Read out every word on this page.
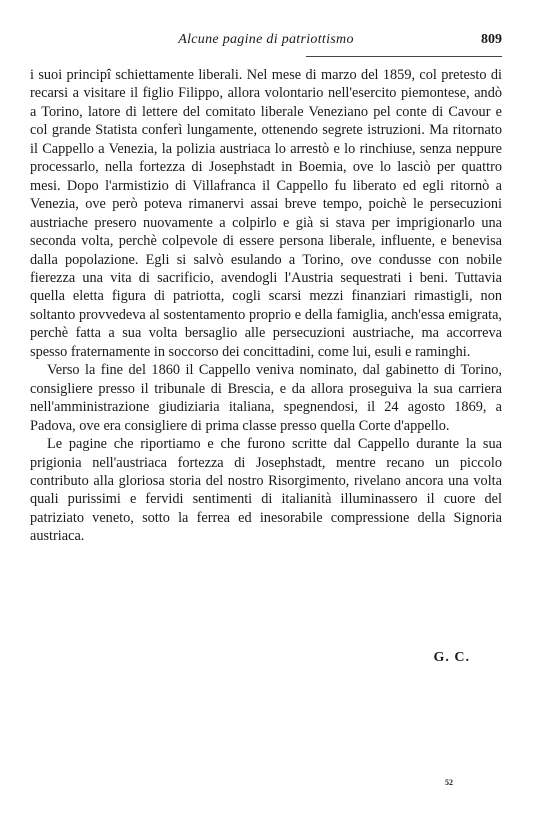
Alcune pagine di patriottismo	809

i suoi principî schiettamente liberali. Nel mese di marzo del 1859, col pretesto di recarsi a visitare il figlio Filippo, allora volontario nell'esercito piemontese, andò a Torino, latore di lettere del comitato liberale Veneziano pel conte di Cavour e col grande Statista conferì lungamente, ottenendo segrete istruzioni. Ma ritornato il Cappello a Venezia, la polizia austriaca lo arrestò e lo rinchiuse, senza neppure processarlo, nella fortezza di Josephstadt in Boemia, ove lo lasciò per quattro mesi. Dopo l'armistizio di Villafranca il Cappello fu liberato ed egli ritornò a Venezia, ove però poteva rimanervi assai breve tempo, poichè le persecuzioni austriache presero nuovamente a colpirlo e già si stava per imprigionarlo una seconda volta, perchè colpevole di essere persona liberale, influente, e benevisa dalla popolazione. Egli si salvò esulando a Torino, ove condusse con nobile fierezza una vita di sacrificio, avendogli l'Austria sequestrati i beni. Tuttavia quella eletta figura di patriotta, cogli scarsi mezzi finanziari rimastigli, non soltanto provvedeva al sostentamento proprio e della famiglia, anch'essa emigrata, perchè fatta a sua volta bersaglio alle persecuzioni austriache, ma accorreva spesso fraternamente in soccorso dei concittadini, come lui, esuli e raminghi.

Verso la fine del 1860 il Cappello veniva nominato, dal gabinetto di Torino, consigliere presso il tribunale di Brescia, e da allora proseguiva la sua carriera nell'amministrazione giudiziaria italiana, spegnendosi, il 24 agosto 1869, a Padova, ove era consigliere di prima classe presso quella Corte d'appello.

Le pagine che riportiamo e che furono scritte dal Cappello durante la sua prigionia nell'austriaca fortezza di Josephstadt, mentre recano un piccolo contributo alla gloriosa storia del nostro Risorgimento, rivelano ancora una volta quali purissimi e fervidi sentimenti di italianità illuminassero il cuore del patriziato veneto, sotto la ferrea ed inesorabile compressione della Signoria austriaca.

G. C.
52
